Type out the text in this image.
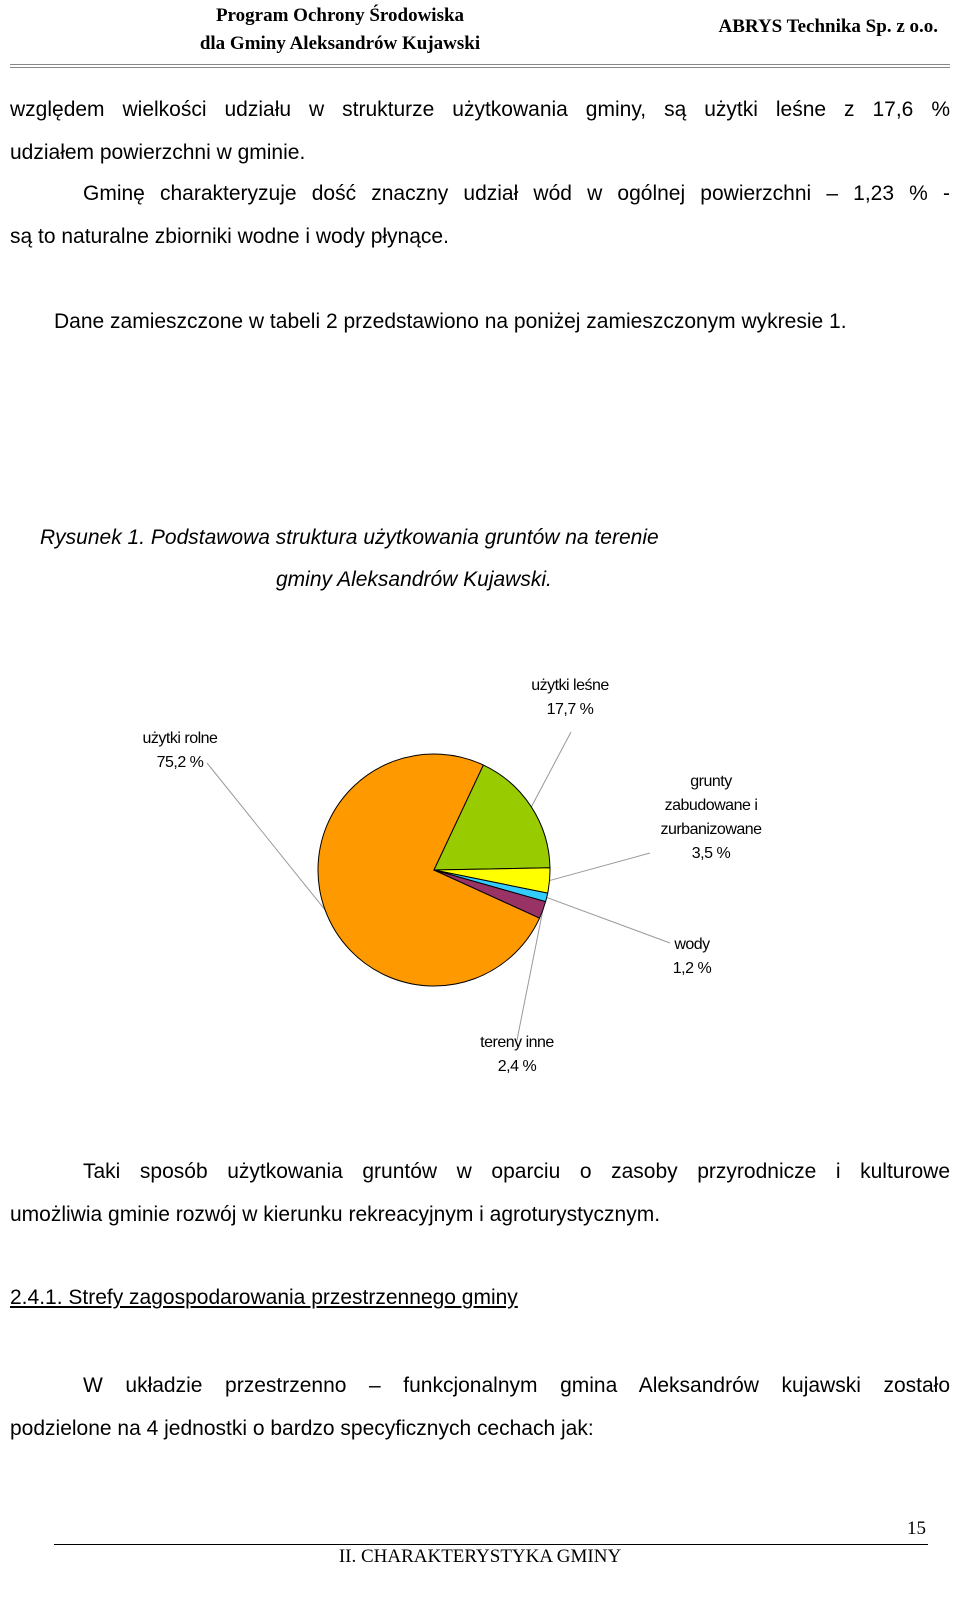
Program Ochrony Środowiska
dla Gminy Aleksandrów Kujawski
ABRYS Technika Sp. z o.o.
względem wielkości udziału w strukturze użytkowania gminy, są użytki leśne z 17,6 %
udziałem powierzchni w gminie.
Gminę charakteryzuje dość znaczny udział wód w ogólnej powierzchni – 1,23 % -
są to naturalne zbiorniki wodne i wody płynące.
Dane zamieszczone w tabeli 2 przedstawiono na poniżej zamieszczonym wykresie 1.
Rysunek 1. Podstawowa struktura użytkowania gruntów na terenie
gminy Aleksandrów Kujawski.
użytki rolne
75,2 %
użytki leśne
17,7 %
grunty
zabudowane i
zurbanizowane
3,5 %
wody
1,2 %
tereny inne
2,4 %
Taki sposób użytkowania gruntów w oparciu o zasoby przyrodnicze i kulturowe
umożliwia gminie rozwój w kierunku rekreacyjnym i agroturystycznym.
2.4.1. Strefy zagospodarowania przestrzennego gminy
W układzie przestrzenno – funkcjonalnym gmina Aleksandrów kujawski zostało
podzielone na 4 jednostki o bardzo specyficznych cechach jak:
15
II. CHARAKTERYSTYKA GMINY
